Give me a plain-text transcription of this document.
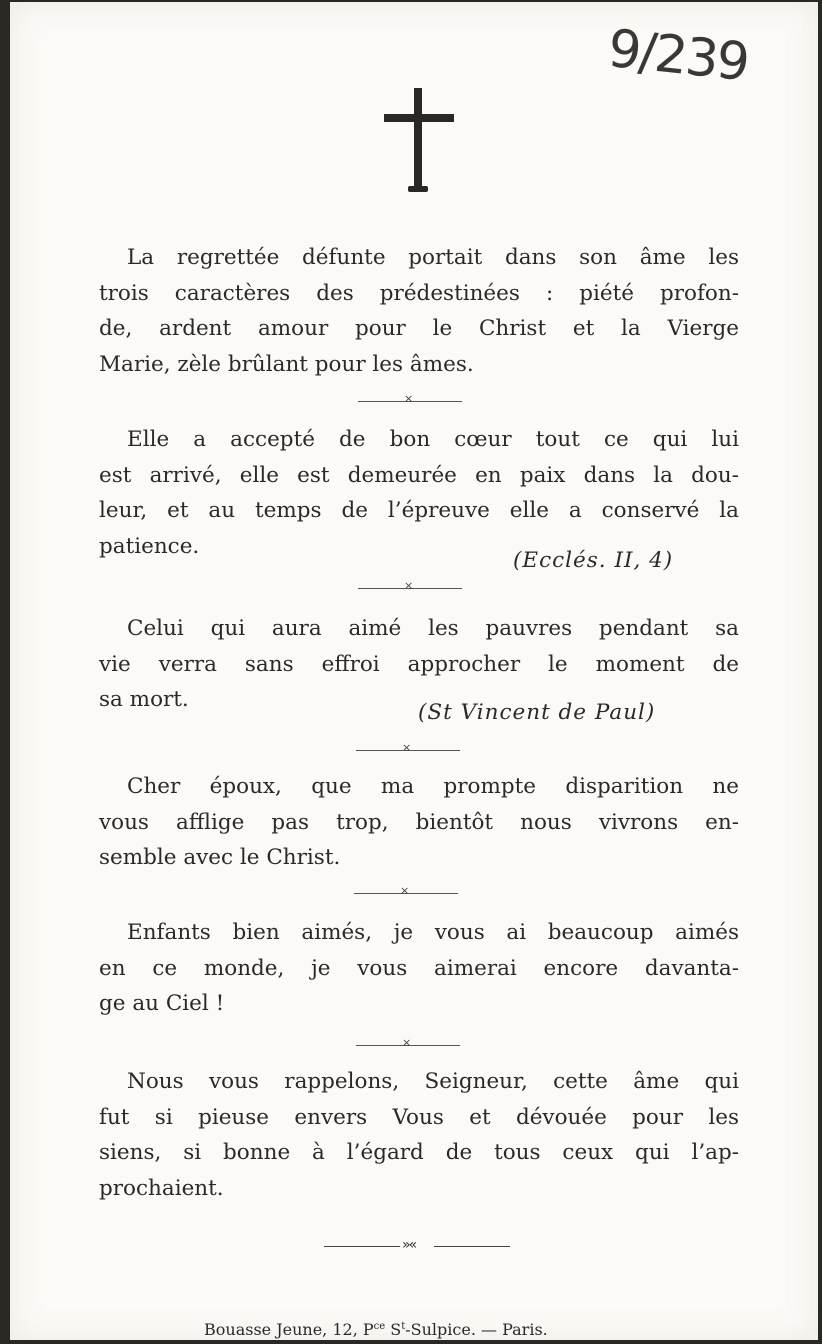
9/239
La regrettée défunte portait dans son âme les
trois caractères des prédestinées : piété profon-
de, ardent amour pour le Christ et la Vierge
Marie, zèle brûlant pour les âmes.
×
Elle a accepté de bon cœur tout ce qui lui
est arrivé, elle est demeurée en paix dans la dou-
leur, et au temps de l’épreuve elle a conservé la
patience.
(Ecclés. II, 4)
×
Celui qui aura aimé les pauvres pendant sa
vie verra sans effroi approcher le moment de
sa mort.
(St Vincent de Paul)
×
Cher époux, que ma prompte disparition ne
vous afflige pas trop, bientôt nous vivrons en-
semble avec le Christ.
×
Enfants bien aimés, je vous ai beaucoup aimés
en ce monde, je vous aimerai encore davanta-
ge au Ciel !
×
Nous vous rappelons, Seigneur, cette âme qui
fut si pieuse envers Vous et dévouée pour les
siens, si bonne à l’égard de tous ceux qui l’ap-
prochaient.
»«
Bouasse Jeune, 12, $P^{ce}$ $S^t$-Sulpice. — Paris.
